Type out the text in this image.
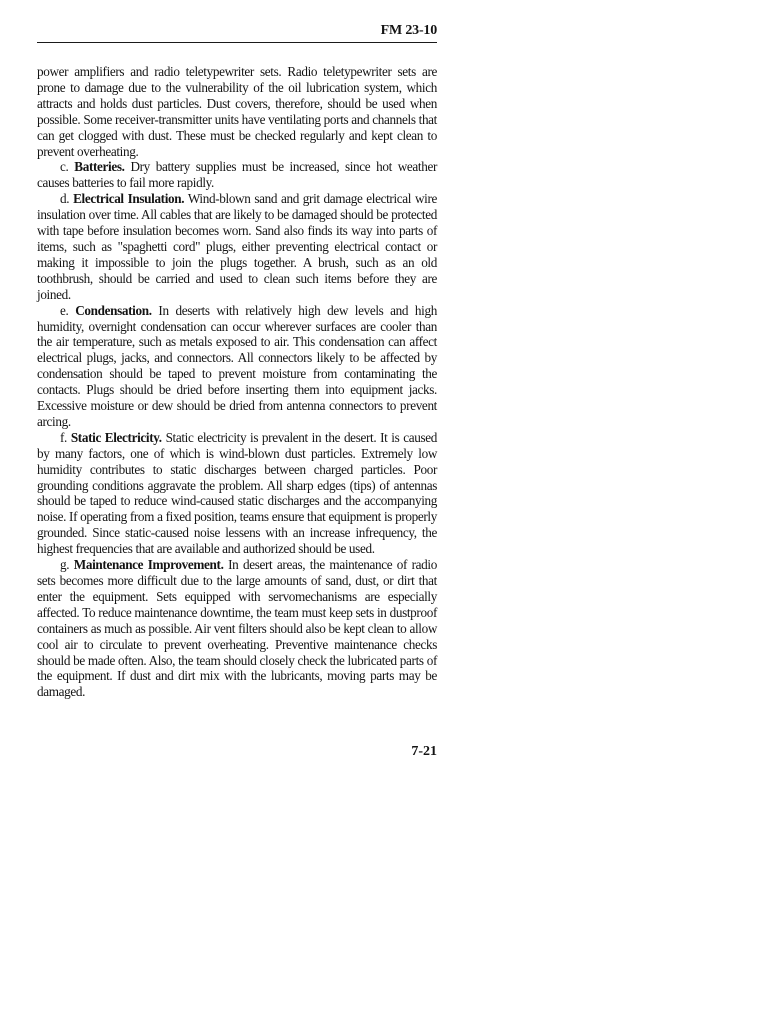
FM 23-10

power amplifiers and radio teletypewriter sets. Radio teletypewriter sets are prone to damage due to the vulnerability of the oil lubrication system, which attracts and holds dust particles. Dust covers, therefore, should be used when possible. Some receiver-transmitter units have ventilating ports and channels that can get clogged with dust. These must be checked regularly and kept clean to prevent overheating.

c. Batteries. Dry battery supplies must be increased, since hot weather causes batteries to fail more rapidly.

d. Electrical Insulation. Wind-blown sand and grit damage electrical wire insulation over time. All cables that are likely to be damaged should be protected with tape before insulation becomes worn. Sand also finds its way into parts of items, such as "spaghetti cord" plugs, either preventing electrical contact or making it impossible to join the plugs together. A brush, such as an old toothbrush, should be carried and used to clean such items before they are joined.

e. Condensation. In deserts with relatively high dew levels and high humidity, overnight condensation can occur wherever surfaces are cooler than the air temperature, such as metals exposed to air. This condensation can affect electrical plugs, jacks, and connectors. All connectors likely to be affected by condensation should be taped to prevent moisture from contaminating the contacts. Plugs should be dried before inserting them into equipment jacks. Excessive moisture or dew should be dried from antenna connectors to prevent arcing.

f. Static Electricity. Static electricity is prevalent in the desert. It is caused by many factors, one of which is wind-blown dust particles. Extremely low humidity contributes to static discharges between charged particles. Poor grounding conditions aggravate the problem. All sharp edges (tips) of antennas should be taped to reduce wind-caused static discharges and the accompanying noise. If operating from a fixed position, teams ensure that equipment is properly grounded. Since static-caused noise lessens with an increase infrequency, the highest frequencies that are available and authorized should be used.

g. Maintenance Improvement. In desert areas, the maintenance of radio sets becomes more difficult due to the large amounts of sand, dust, or dirt that enter the equipment. Sets equipped with servomechanisms are especially affected. To reduce maintenance downtime, the team must keep sets in dustproof containers as much as possible. Air vent filters should also be kept clean to allow cool air to circulate to prevent overheating. Preventive maintenance checks should be made often. Also, the team should closely check the lubricated parts of the equipment. If dust and dirt mix with the lubricants, moving parts may be damaged.

7-21
